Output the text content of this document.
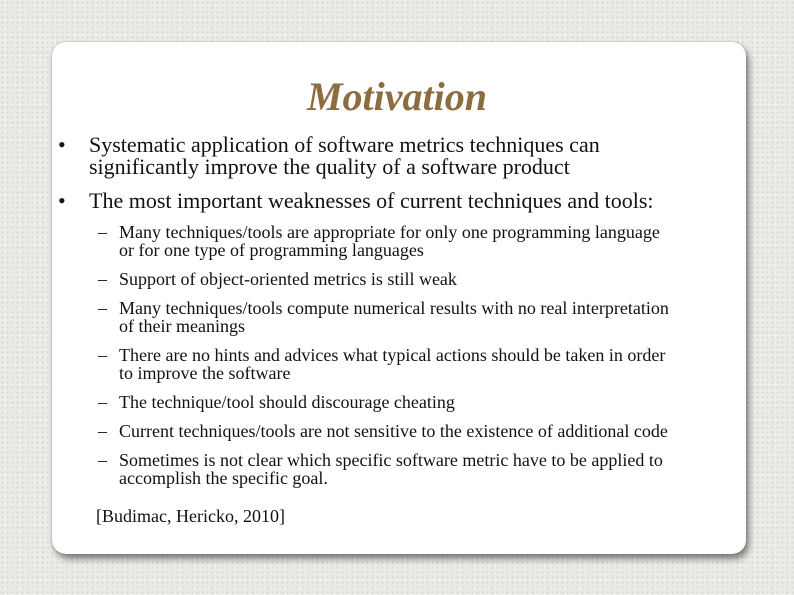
Motivation
• Systematic application of software metrics techniques can
significantly improve the quality of a software product
• The most important weaknesses of current techniques and tools:
– Many techniques/tools are appropriate for only one programming language
or for one type of programming languages
– Support of object-oriented metrics is still weak
– Many techniques/tools compute numerical results with no real interpretation
of their meanings
– There are no hints and advices what typical actions should be taken in order
to improve the software
– The technique/tool should discourage cheating
– Current techniques/tools are not sensitive to the existence of additional code
– Sometimes is not clear which specific software metric have to be applied to
accomplish the specific goal.

[Budimac, Hericko, 2010]
